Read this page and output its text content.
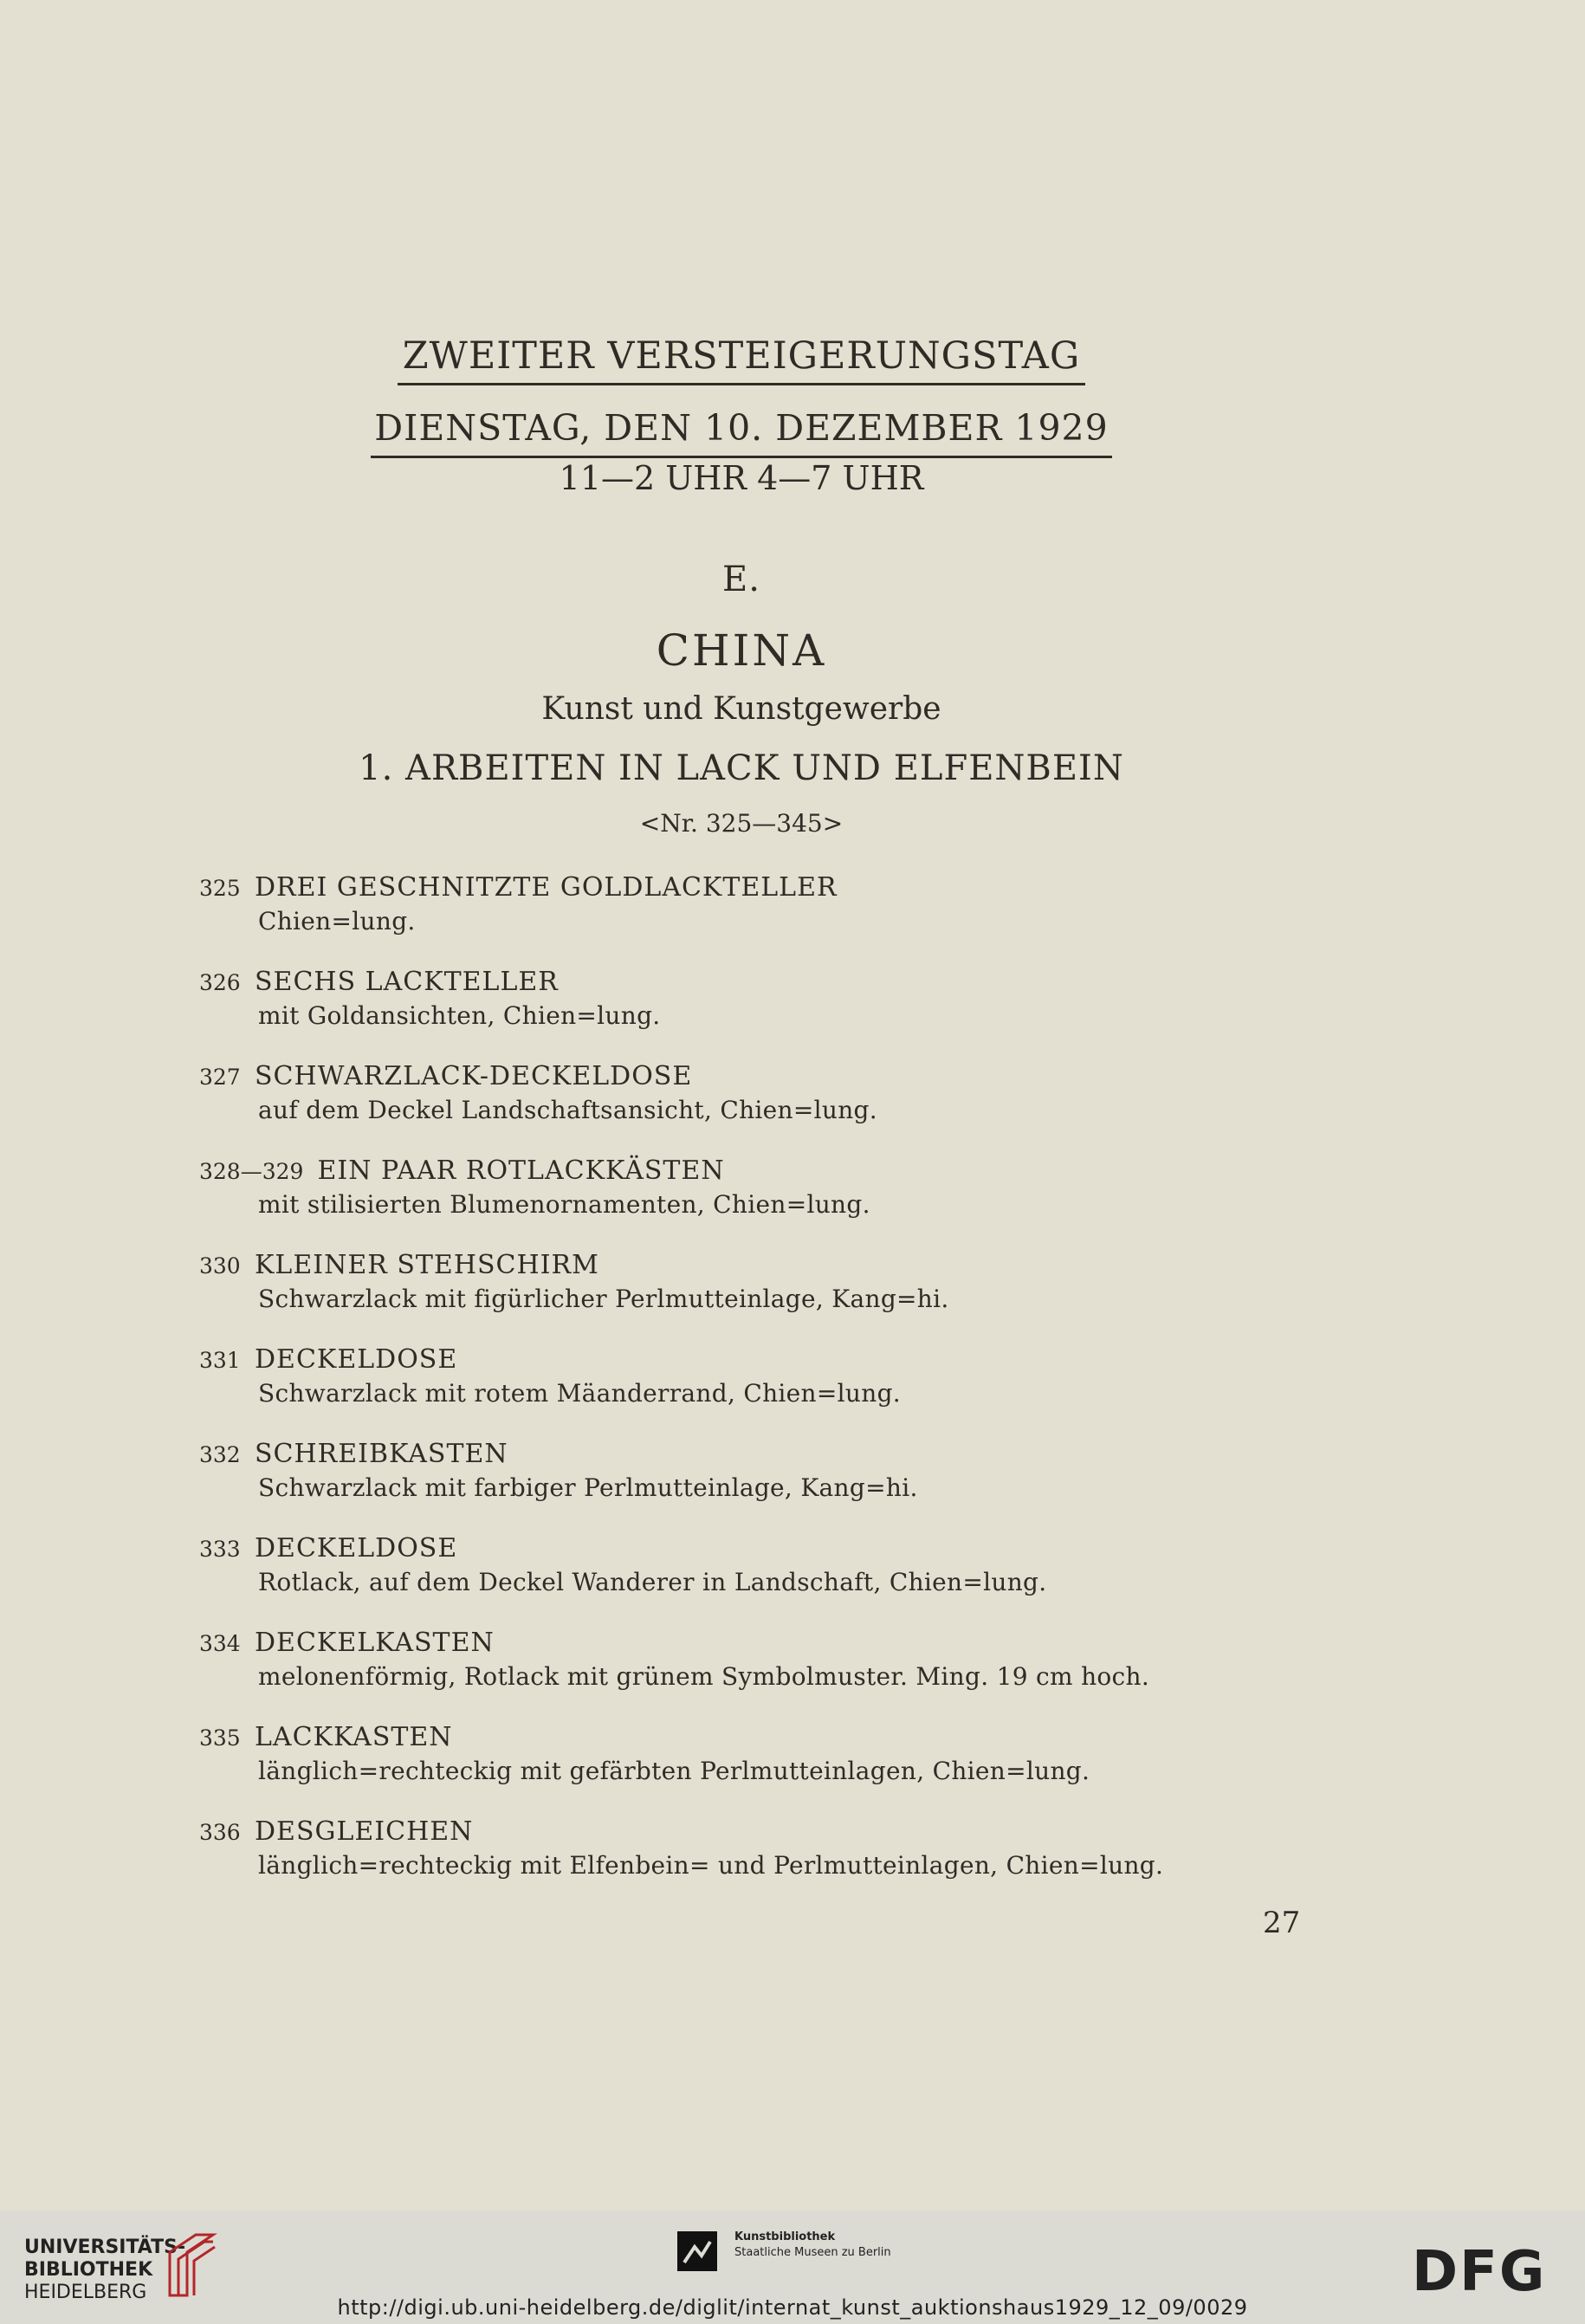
ZWEITER VERSTEIGERUNGSTAG
DIENSTAG, DEN 10. DEZEMBER 1929
11—2 UHR 4—7 UHR
E.
CHINA
Kunst und Kunstgewerbe
1. ARBEITEN IN LACK UND ELFENBEIN
<Nr. 325—345>
325 DREI GESCHNITZTE GOLDLACKTELLER
Chien=lung.
326 SECHS LACKTELLER
mit Goldansichten, Chien=lung.
327 SCHWARZLACK-DECKELDOSE
auf dem Deckel Landschaftsansicht, Chien=lung.
328—329 EIN PAAR ROTLACKKÄSTEN
mit stilisierten Blumenornamenten, Chien=lung.
330 KLEINER STEHSCHIRM
Schwarzlack mit figürlicher Perlmutteinlage, Kang=hi.
331 DECKELDOSE
Schwarzlack mit rotem Mäanderrand, Chien=lung.
332 SCHREIBKASTEN
Schwarzlack mit farbiger Perlmutteinlage, Kang=hi.
333 DECKELDOSE
Rotlack, auf dem Deckel Wanderer in Landschaft, Chien=lung.
334 DECKELKASTEN
melonenförmig, Rotlack mit grünem Symbolmuster. Ming. 19 cm hoch.
335 LACKKASTEN
länglich=rechteckig mit gefärbten Perlmutteinlagen, Chien=lung.
336 DESGLEICHEN
länglich=rechteckig mit Elfenbein= und Perlmutteinlagen, Chien=lung.
27
UNIVERSITÄTS-
BIBLIOTHEK
HEIDELBERG
Kunstbibliothek
Staatliche Museen zu Berlin	DFG
http://digi.ub.uni-heidelberg.de/diglit/internat_kunst_auktionshaus1929_12_09/0029
